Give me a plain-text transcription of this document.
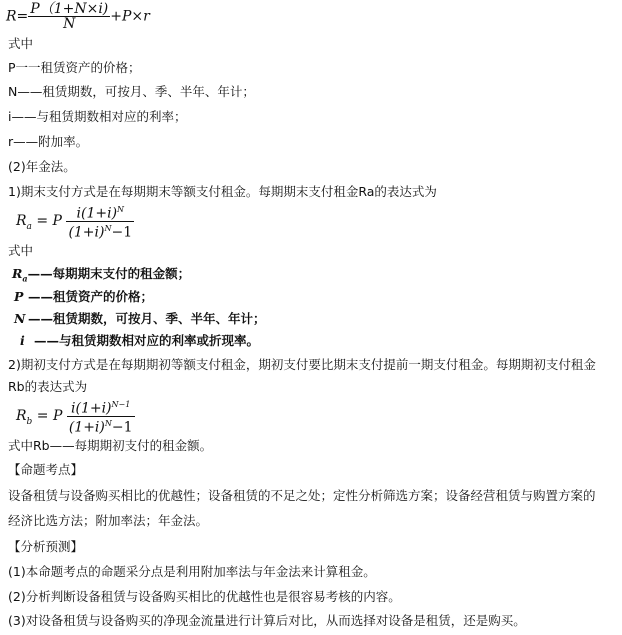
$R= \frac{P(1+N\times i)}{N} +P\times r$
式中
P一一租赁资产的价格；
N——租赁期数，可按月、季、半年、年计；
i——与租赁期数相对应的利率；
r——附加率。
(2)年金法。
1)期末支付方式是在每期期末等额支付租金。每期期末支付租金Ra的表达式为
$R_a = P \frac{i(1+i)^N}{(1+i)^N-1}$
式中
$R_a——$每期期末支付的租金额；
P ——租赁资产的价格；
N ——租赁期数，可按月、季、半年、年计；
i ——与租赁期数相对应的利率或折现率。
2)期初支付方式是在每期期初等额支付租金，期初支付要比期末支付提前一期支付租金。每期期初支付租金
Rb的表达式为
$R_b = P \frac{i(1+i)^{N-1}}{(1+i)^N-1}$
式中Rb——每期期初支付的租金额。
【命题考点】
设备租赁与设备购买相比的优越性；设备租赁的不足之处；定性分析筛选方案；设备经营租赁与购置方案的
经济比选方法；附加率法；年金法。
【分析预测】
(1)本命题考点的命题采分点是利用附加率法与年金法来计算租金。
(2)分析判断设备租赁与设备购买相比的优越性也是很容易考核的内容。
(3)对设备租赁与设备购买的净现金流量进行计算后对比，从而选择对设备是租赁，还是购买。
